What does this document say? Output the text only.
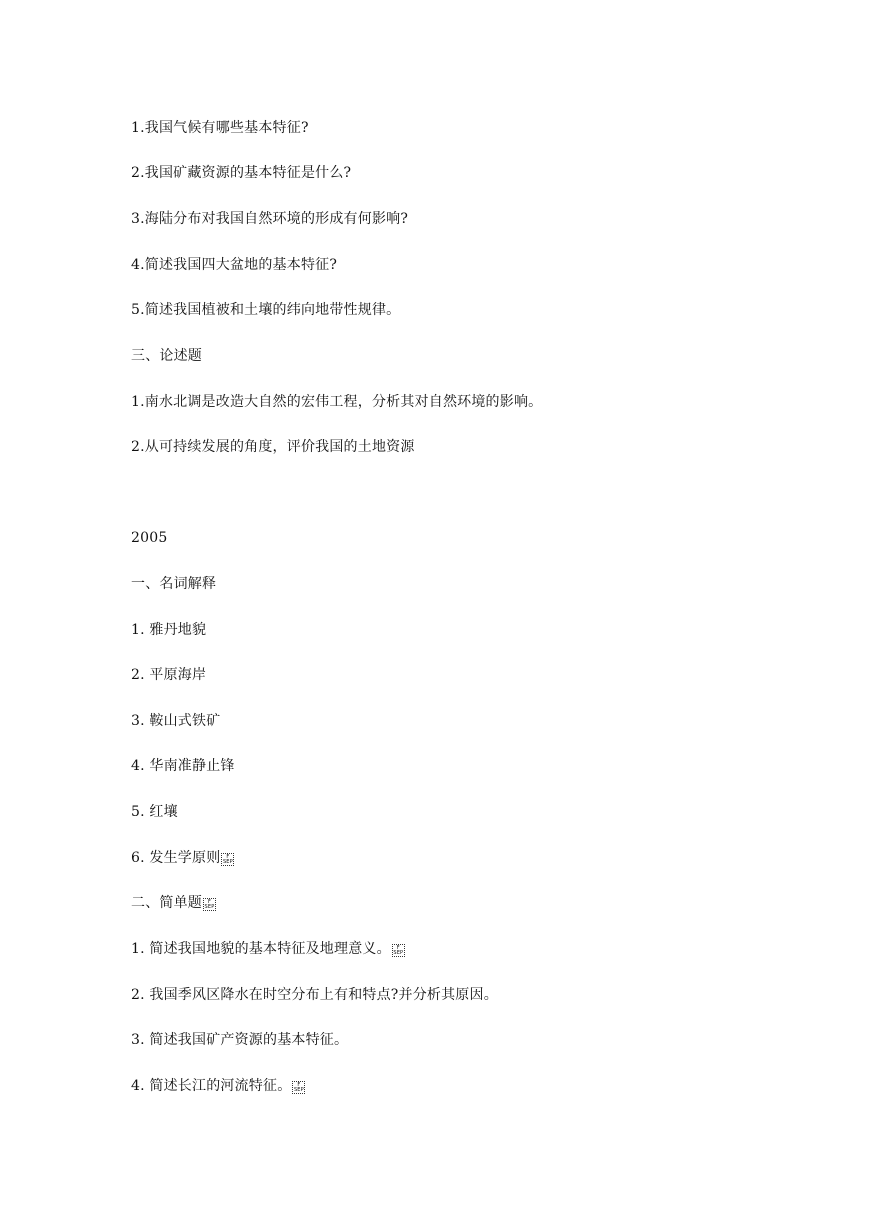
1.我国气候有哪些基本特征?
2.我国矿藏资源的基本特征是什么?
3.海陆分布对我国自然环境的形成有何影响?
4.简述我国四大盆地的基本特征?
5.简述我国植被和土壤的纬向地带性规律。
三、论述题
1.南水北调是改造大自然的宏伟工程，分析其对自然环境的影响。
2.从可持续发展的角度，评价我国的土地资源
2005
一、名词解释
1. 雅丹地貌
2. 平原海岸
3. 鞍山式铁矿
4. 华南准静止锋
5. 红壤
6. 发生学原则 F
SEP
二、简单题 F
SEP
1. 简述我国地貌的基本特征及地理意义。 F
SEP
2. 我国季风区降水在时空分布上有和特点?并分析其原因。
3. 简述我国矿产资源的基本特征。
4. 简述长江的河流特征。 F
SEP
